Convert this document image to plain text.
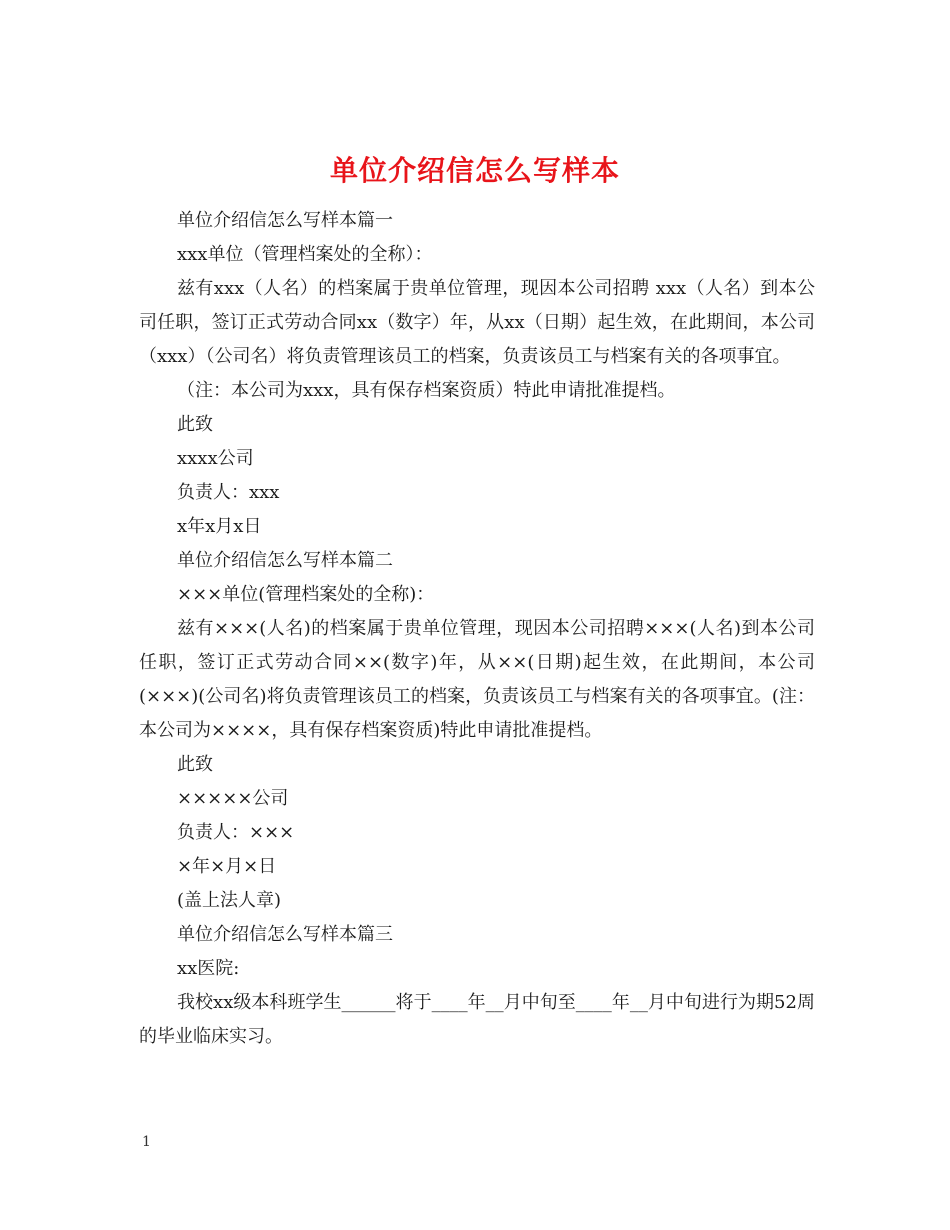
单位介绍信怎么写样本

单位介绍信怎么写样本篇一

xxx单位（管理档案处的全称）：

兹有xxx（人名）的档案属于贵单位管理，现因本公司招聘 xxx（人名）到本公司任职，签订正式劳动合同xx（数字）年，从xx（日期）起生效，在此期间，本公司（xxx）（公司名）将负责管理该员工的档案，负责该员工与档案有关的各项事宜。

（注：本公司为xxx，具有保存档案资质）特此申请批准提档。

此致

xxxx公司

负责人：xxx

x年x月x日

单位介绍信怎么写样本篇二

×××单位(管理档案处的全称)：

兹有×××(人名)的档案属于贵单位管理，现因本公司招聘×××(人名)到本公司任职，签订正式劳动合同××(数字)年，从××(日期)起生效，在此期间，本公司(×××)(公司名)将负责管理该员工的档案，负责该员工与档案有关的各项事宜。(注：本公司为××××，具有保存档案资质)特此申请批准提档。

此致

×××××公司

负责人：×××

×年×月×日

(盖上法人章)

单位介绍信怎么写样本篇三

xx医院:

我校xx级本科班学生______将于____年__月中旬至____年__月中旬进行为期52周的毕业临床实习。

1
